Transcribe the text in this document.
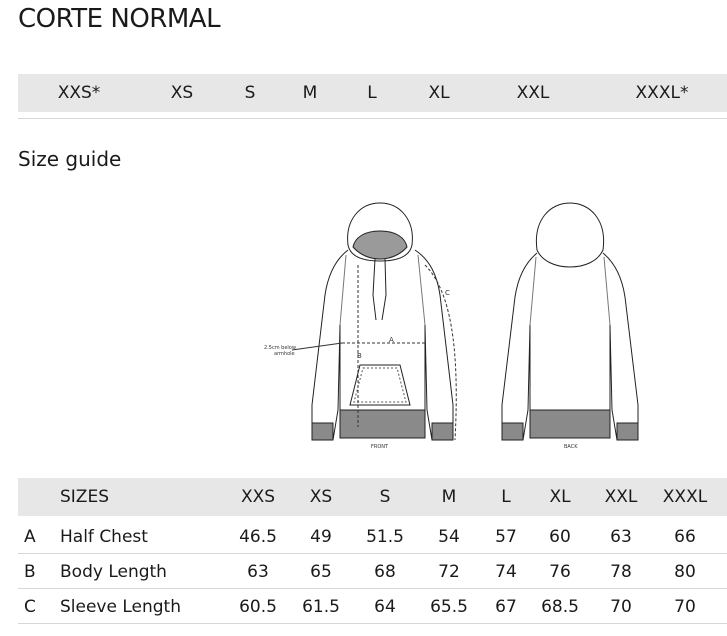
CORTE NORMAL
XXS*	XS	S	M	L	XL	XXL	XXXL*
Size guide
A
B
C
2.5cm below
armhole
FRONT	BACK
SIZES	XXS XS	S	M	L XL XXL XXXL
A Half Chest	46.5 49 51.5 54 57 60 63 66
B Body Length	63 65 68 72 74 76 78 80
C Sleeve Length	60.5 61.5 64 65.5 67 68.5 70 70
